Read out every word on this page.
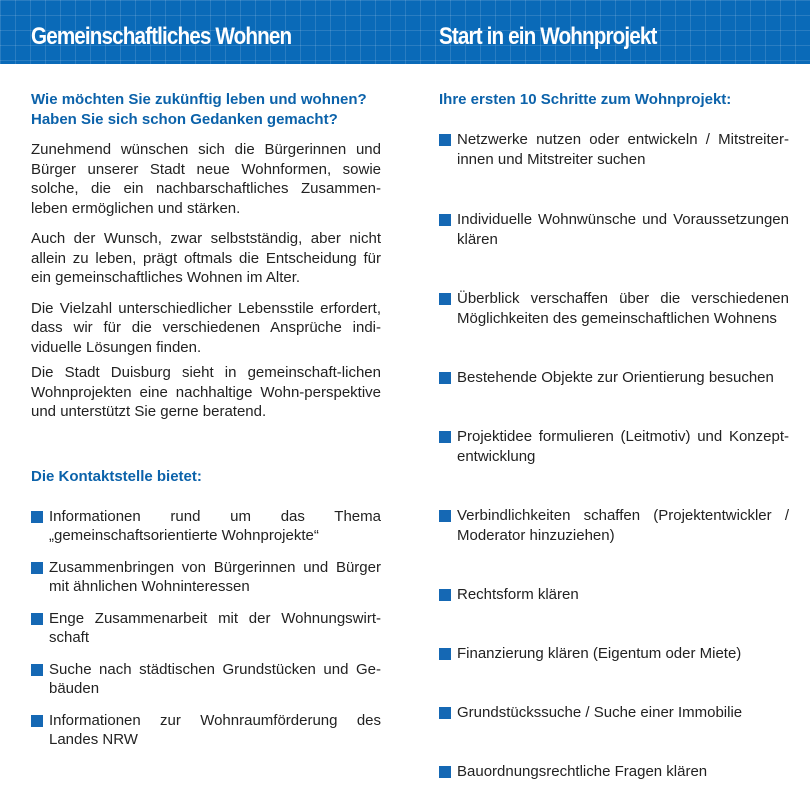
Gemeinschaftliches Wohnen	Start in ein Wohnprojekt
Wie möchten Sie zukünftig leben und wohnen? Haben Sie sich schon Gedanken gemacht?

Zunehmend wünschen sich die Bürgerinnen und Bürger unserer Stadt neue Wohnformen, sowie solche, die ein nachbarschaftliches Zusammen-leben ermöglichen und stärken.

Auch der Wunsch, zwar selbstständig, aber nicht allein zu leben, prägt oftmals die Entscheidung für ein gemeinschaftliches Wohnen im Alter.

Die Vielzahl unterschiedlicher Lebensstile erfordert, dass wir für die verschiedenen Ansprüche indi-viduelle Lösungen finden.

Die Stadt Duisburg sieht in gemeinschaft-lichen Wohnprojekten eine nachhaltige Wohn-perspektive und unterstützt Sie gerne beratend.

Die Kontaktstelle bietet:
Informationen rund um das Thema „gemeinschaftsorientierte Wohnprojekte“
Zusammenbringen von Bürgerinnen und Bürger mit ähnlichen Wohninteressen
Enge Zusammenarbeit mit der Wohnungswirt-schaft
Suche nach städtischen Grundstücken und Ge-bäuden
Informationen zur Wohnraumförderung des Landes NRW
Ihre ersten 10 Schritte zum Wohnprojekt:
Netzwerke nutzen oder entwickeln / Mitstreiter-innen und Mitstreiter suchen
Individuelle Wohnwünsche und Voraussetzungen klären
Überblick verschaffen über die verschiedenen Möglichkeiten des gemeinschaftlichen Wohnens
Bestehende Objekte zur Orientierung besuchen
Projektidee formulieren (Leitmotiv) und Konzept-entwicklung
Verbindlichkeiten schaffen (Projektentwickler / Moderator hinzuziehen)
Rechtsform klären
Finanzierung klären (Eigentum oder Miete)
Grundstückssuche / Suche einer Immobilie
Bauordnungsrechtliche Fragen klären
